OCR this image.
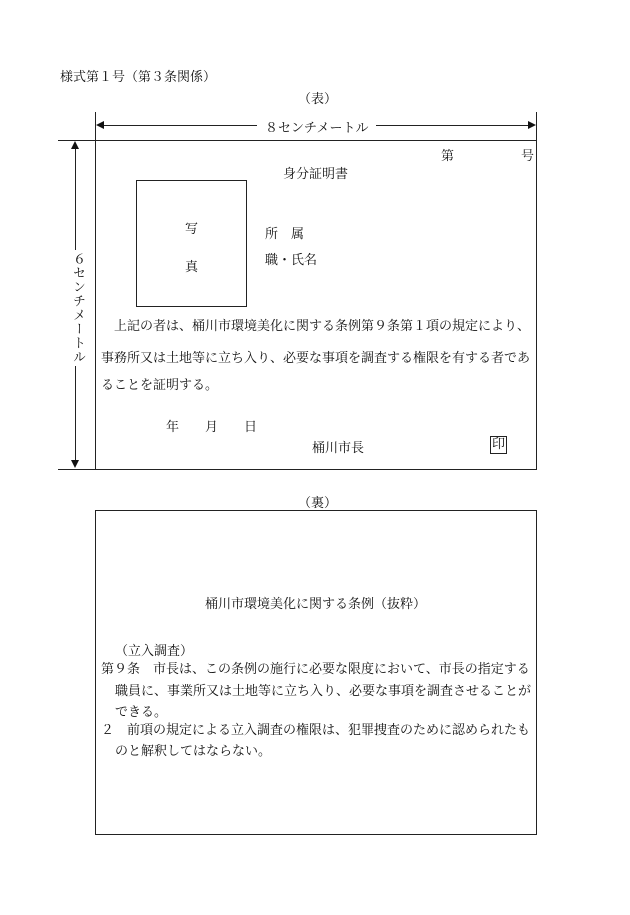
様式第１号（第３条関係）
（表）
８センチメートル
６センチメートル
第	号
身分証明書
写
真
所　属
職・氏名
上記の者は、桶川市環境美化に関する条例第９条第１項の規定により、
事務所又は土地等に立ち入り、必要な事項を調査する権限を有する者であ
ることを証明する。
年　　月　　日
桶川市長	印
（裏）
桶川市環境美化に関する条例（抜粋）
（立入調査）
第９条　市長は、この条例の施行に必要な限度において、市長の指定する
職員に、事業所又は土地等に立ち入り、必要な事項を調査させることが
できる。
２　前項の規定による立入調査の権限は、犯罪捜査のために認められたも
のと解釈してはならない。
